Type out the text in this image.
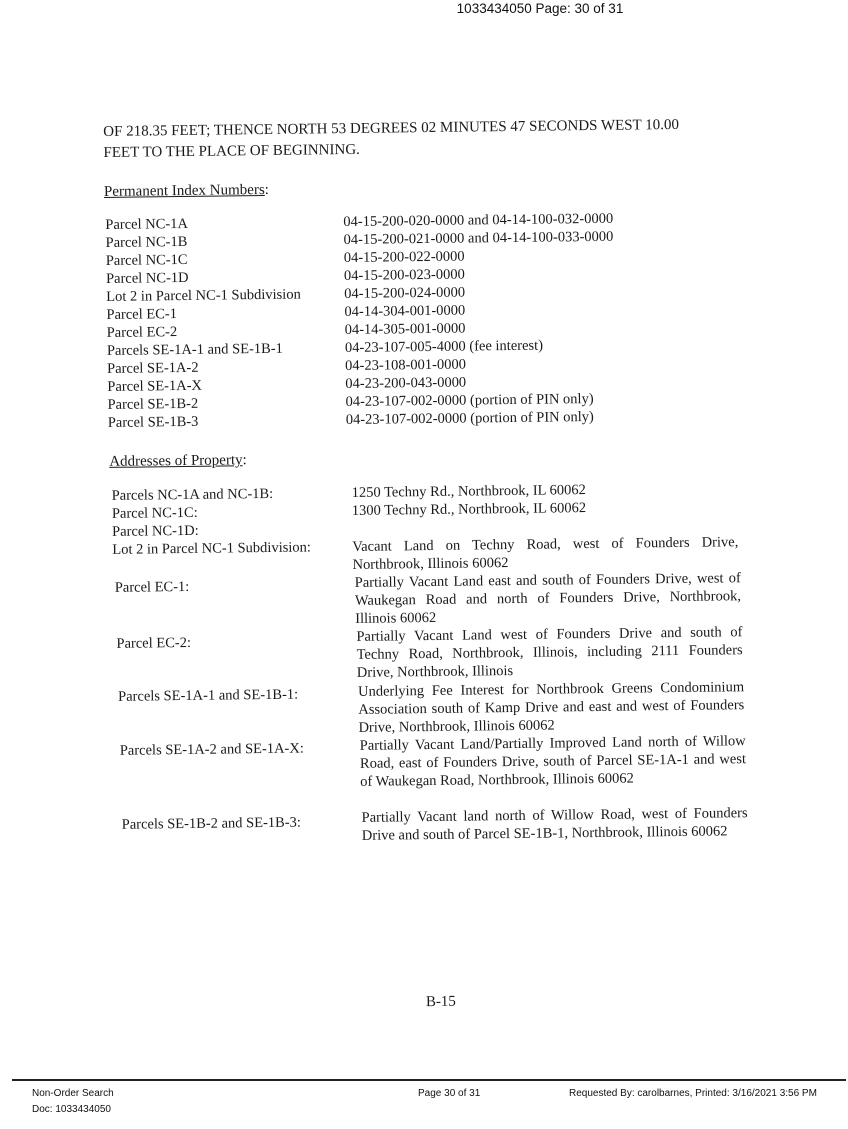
1033434050 Page: 30 of 31
OF 218.35 FEET; THENCE NORTH 53 DEGREES 02 MINUTES 47 SECONDS WEST 10.00
FEET TO THE PLACE OF BEGINNING.
Permanent Index Numbers:
Parcel NC-1A	04-15-200-020-0000 and 04-14-100-032-0000
Parcel NC-1B	04-15-200-021-0000 and 04-14-100-033-0000
Parcel NC-1C	04-15-200-022-0000
Parcel NC-1D	04-15-200-023-0000
Lot 2 in Parcel NC-1 Subdivision	04-15-200-024-0000
Parcel EC-1	04-14-304-001-0000
Parcel EC-2	04-14-305-001-0000
Parcels SE-1A-1 and SE-1B-1	04-23-107-005-4000 (fee interest)
Parcel SE-1A-2	04-23-108-001-0000
Parcel SE-1A-X	04-23-200-043-0000
Parcel SE-1B-2	04-23-107-002-0000 (portion of PIN only)
Parcel SE-1B-3	04-23-107-002-0000 (portion of PIN only)
Addresses of Property:
Parcels NC-1A and NC-1B:	1250 Techny Rd., Northbrook, IL 60062
Parcel NC-1C:	1300 Techny Rd., Northbrook, IL 60062
Parcel NC-1D:
Lot 2 in Parcel NC-1 Subdivision:	Vacant Land on Techny Road, west of Founders Drive, Northbrook, Illinois 60062
Parcel EC-1:	Partially Vacant Land east and south of Founders Drive, west of Waukegan Road and north of Founders Drive, Northbrook, Illinois 60062
Parcel EC-2:	Partially Vacant Land west of Founders Drive and south of Techny Road, Northbrook, Illinois, including 2111 Founders Drive, Northbrook, Illinois
Parcels SE-1A-1 and SE-1B-1:	Underlying Fee Interest for Northbrook Greens Condominium Association south of Kamp Drive and east and west of Founders Drive, Northbrook, Illinois 60062
Parcels SE-1A-2 and SE-1A-X:	Partially Vacant Land/Partially Improved Land north of Willow Road, east of Founders Drive, south of Parcel SE-1A-1 and west of Waukegan Road, Northbrook, Illinois 60062
Parcels SE-1B-2 and SE-1B-3:	Partially Vacant land north of Willow Road, west of Founders Drive and south of Parcel SE-1B-1, Northbrook, Illinois 60062
B-15
Non-Order Search
Doc: 1033434050
Page 30 of 31	Requested By: carolbarnes, Printed: 3/16/2021 3:56 PM
